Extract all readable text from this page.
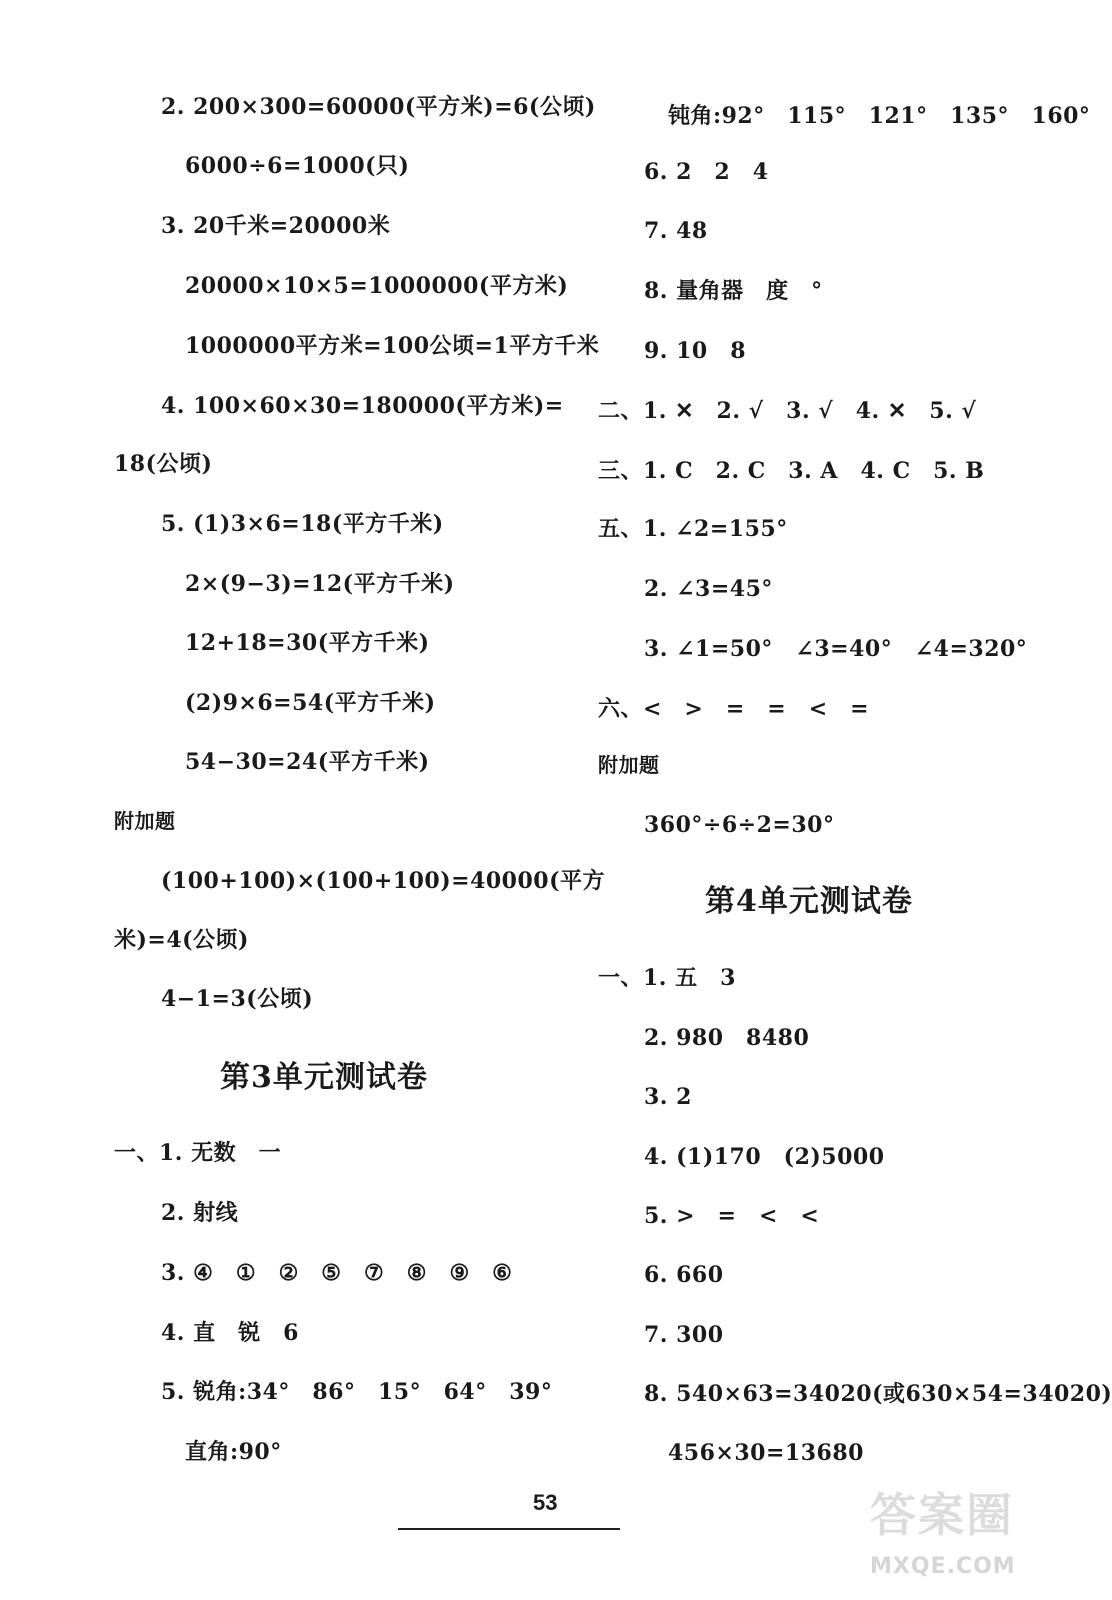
2. 200×300=60000(平方米)=6(公顷)
6000÷6=1000(只)
3. 20千米=20000米
20000×10×5=1000000(平方米)
1000000平方米=100公顷=1平方千米
4. 100×60×30=180000(平方米)=
18(公顷)
5. (1)3×6=18(平方千米)
2×(9−3)=12(平方千米)
12+18=30(平方千米)
(2)9×6=54(平方千米)
54−30=24(平方千米)
附加题
(100+100)×(100+100)=40000(平方
米)=4(公顷)
4−1=3(公顷)
第3单元测试卷
一、1. 无数　一
2. 射线
3. ④　①　②　⑤　⑦　⑧　⑨　⑥
4. 直　锐　6
5. 锐角:34°　86°　15°　64°　39°
直角:90°
钝角:92°　115°　121°　135°　160°
6. 2　2　4
7. 48
8. 量角器　度　°
9. 10　8
二、1. ✕　2. √　3. √　4. ✕　5. √
三、1. C　2. C　3. A　4. C　5. B
五、1. ∠2=155°
2. ∠3=45°
3. ∠1=50°　∠3=40°　∠4=320°
六、<　>　=　=　<　=
附加题
360°÷6÷2=30°
第4单元测试卷
一、1. 五　3
2. 980　8480
3. 2
4. (1)170　(2)5000
5. >　=　<　<
6. 660
7. 300
8. 540×63=34020(或630×54=34020)
456×30=13680
53	答案圈
MXQE.COM
